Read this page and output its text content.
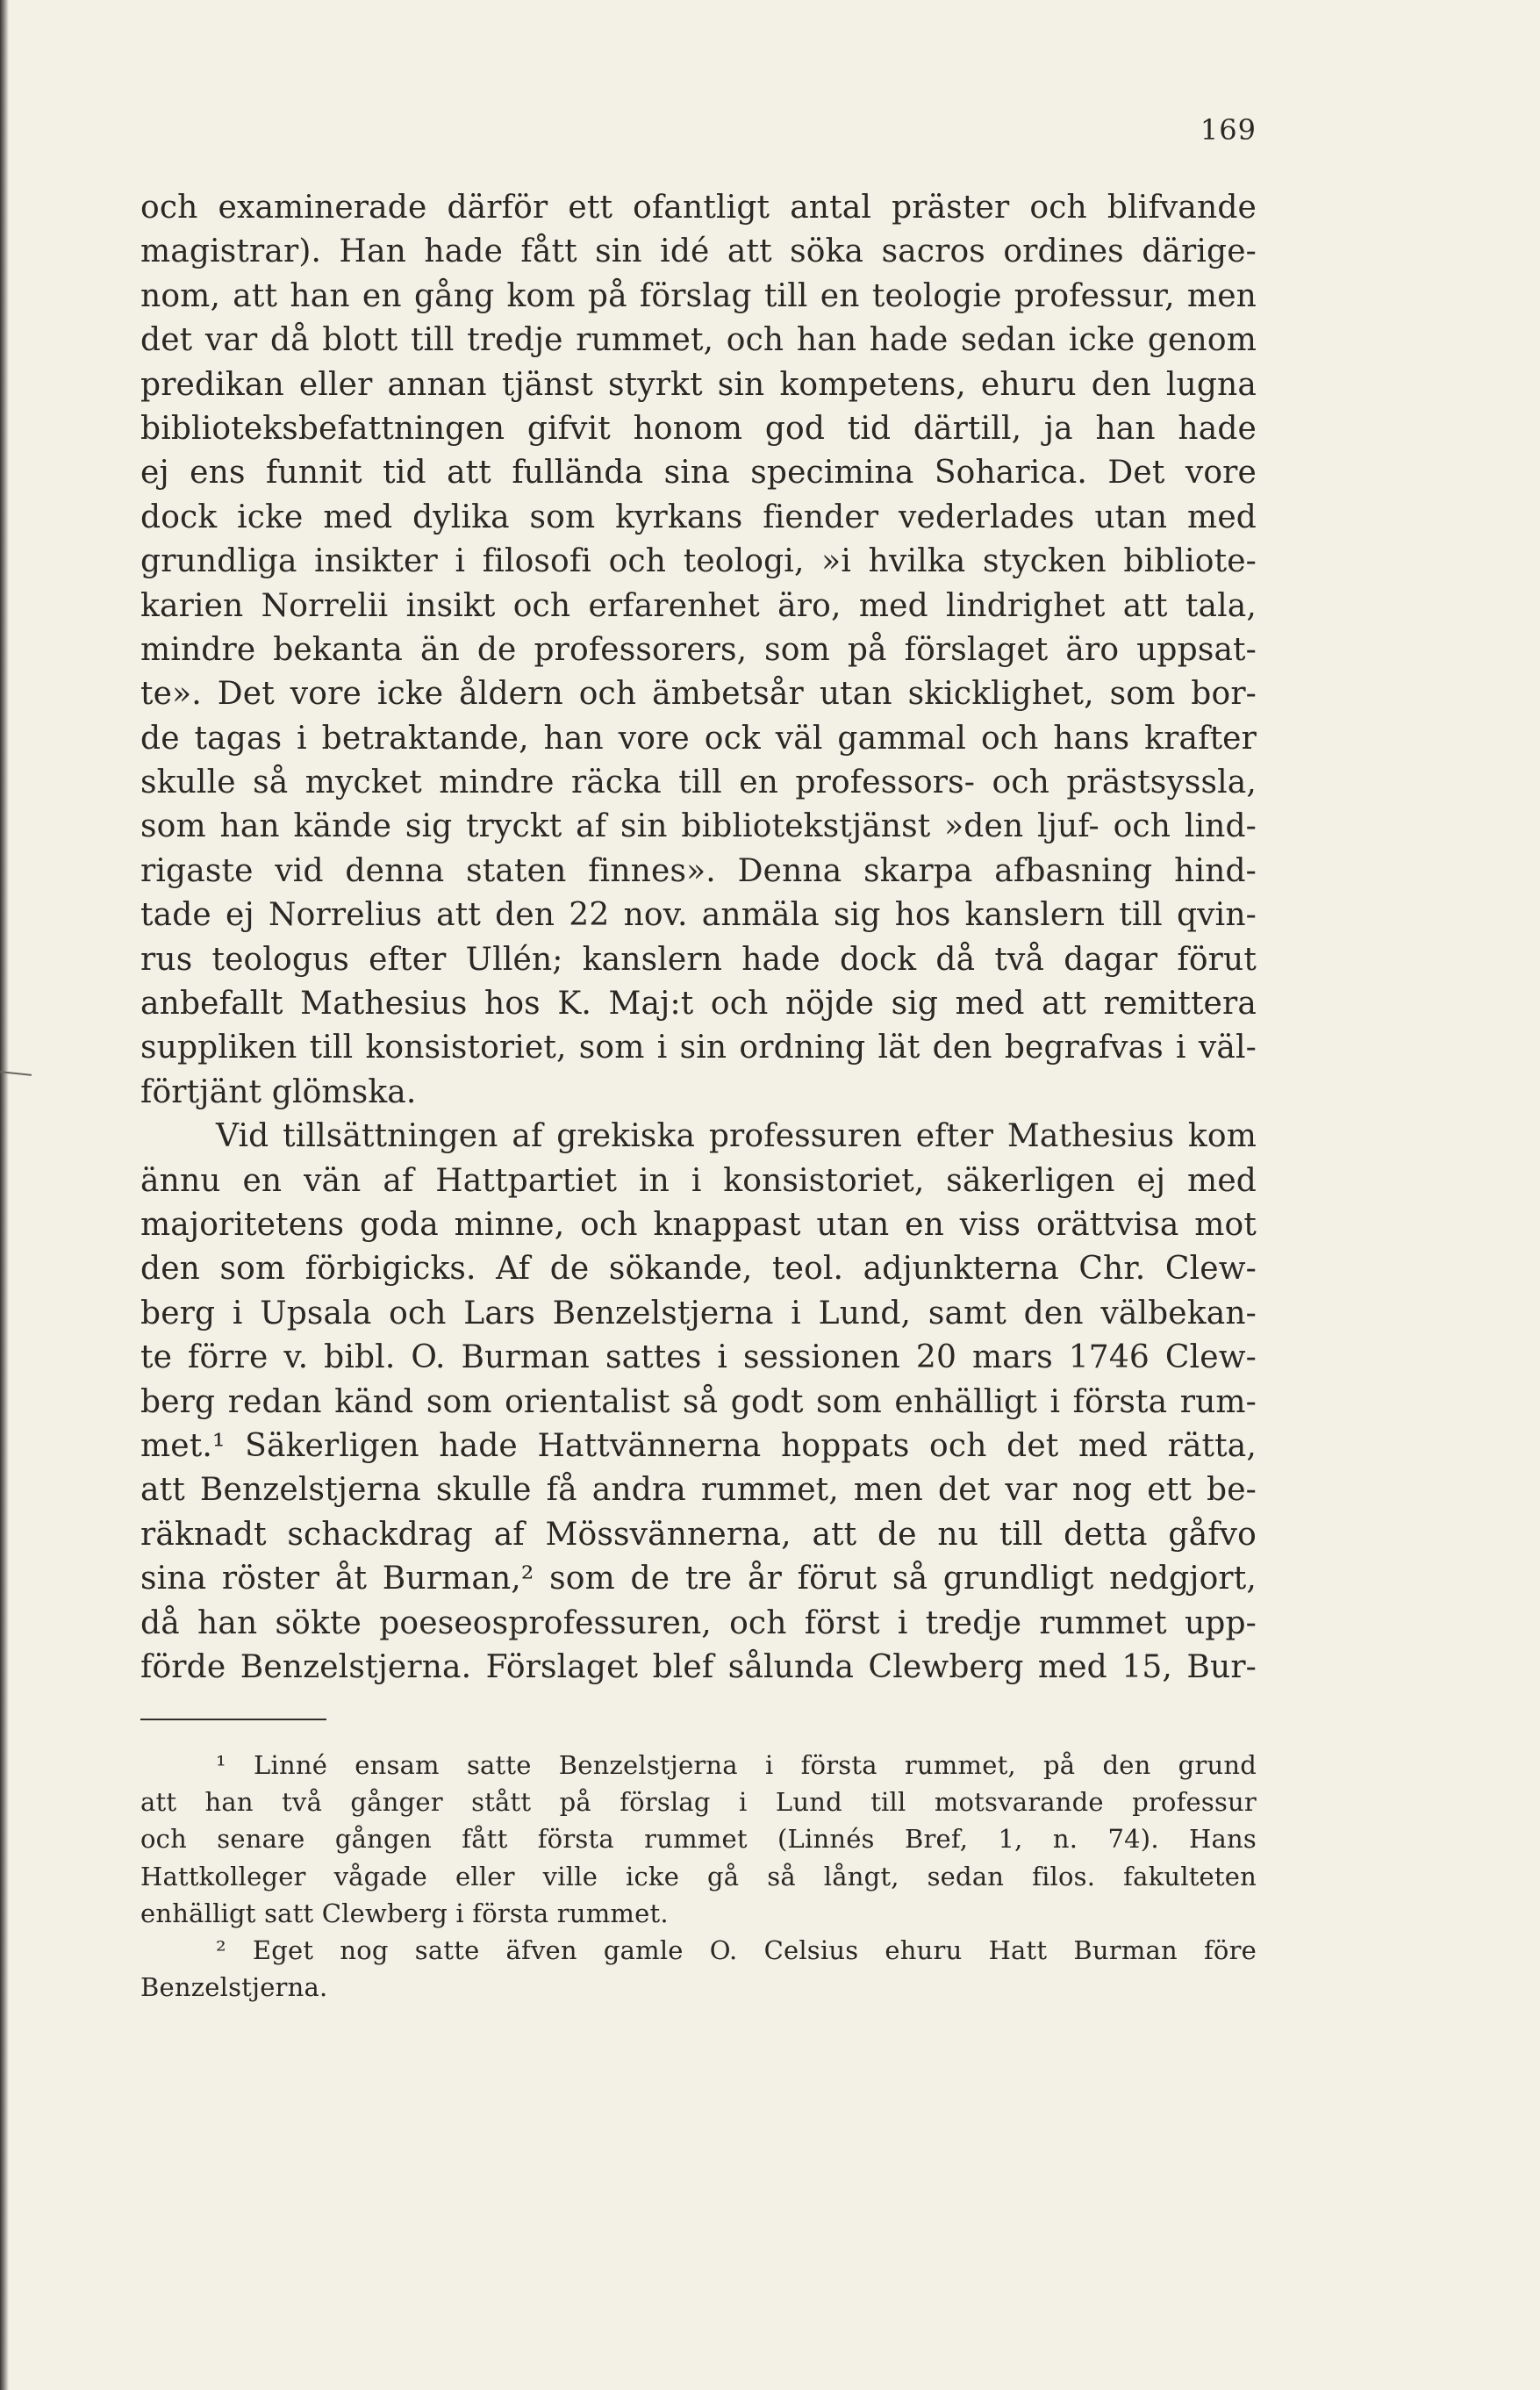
169
och examinerade därför ett ofantligt antal präster och blifvande
magistrar). Han hade fått sin idé att söka sacros ordines därige-
nom, att han en gång kom på förslag till en teologie professur, men
det var då blott till tredje rummet, och han hade sedan icke genom
predikan eller annan tjänst styrkt sin kompetens, ehuru den lugna
biblioteksbefattningen gifvit honom god tid därtill, ja han hade
ej ens funnit tid att fulländа sina specimina Soharica. Det vore
dock icke med dylika som kyrkans fiender vederlades utan med
grundliga insikter i filosofi och teologi, »i hvilka stycken bibliote-
karien Norrelii insikt och erfarenhet äro, med lindrighet att tala,
mindre bekanta än de professorers, som på förslaget äro uppsat-
te». Det vore icke åldern och ämbetsår utan skicklighet, som bor-
de tagas i betraktande, han vore ock väl gammal och hans krafter
skulle så mycket mindre räcka till en professors- och prästsyssla,
som han kände sig tryckt af sin bibliotekstjänst »den ljuf- och lind-
rigaste vid denna staten finnes». Denna skarpa afbasning hind-
tade ej Norrelius att den 22 nov. anmäla sig hos kanslern till qvin-
rus teologus efter Ullén; kanslern hade dock då två dagar förut
anbefallt Mathesius hos K. Maj:t och nöjde sig med att remittera
suppliken till konsistoriet, som i sin ordning lät den begrafvas i väl-
förtjänt glömska.
Vid tillsättningen af grekiska professuren efter Mathesius kom
ännu en vän af Hattpartiet in i konsistoriet, säkerligen ej med
majoritetens goda minne, och knappast utan en viss orättvisa mot
den som förbigicks. Af de sökande, teol. adjunkterna Chr. Clew-
berg i Upsala och Lars Benzelstjerna i Lund, samt den välbekan-
te förre v. bibl. O. Burman sattes i sessionen 20 mars 1746 Clew-
berg redan känd som orientalist så godt som enhälligt i första rum-
met.¹ Säkerligen hade Hattvännerna hoppats och det med rätta,
att Benzelstjerna skulle få andra rummet, men det var nog ett be-
räknadt schackdrag af Mössvännerna, att de nu till detta gåfvo
sina röster åt Burman,² som de tre år förut så grundligt nedgjort,
då han sökte poeseosprofessuren, och först i tredje rummet upp-
förde Benzelstjerna. Förslaget blef sålunda Clewberg med 15, Bur-
¹ Linné ensam satte Benzelstjerna i första rummet, på den grund
att han två gånger stått på förslag i Lund till motsvarande professur
och senare gången fått första rummet (Linnés Bref, 1, n. 74). Hans
Hattkolleger vågade eller ville icke gå så långt, sedan filos. fakulteten
enhälligt satt Clewberg i första rummet.
² Eget nog satte äfven gamle O. Celsius ehuru Hatt Burman före
Benzelstjerna.
